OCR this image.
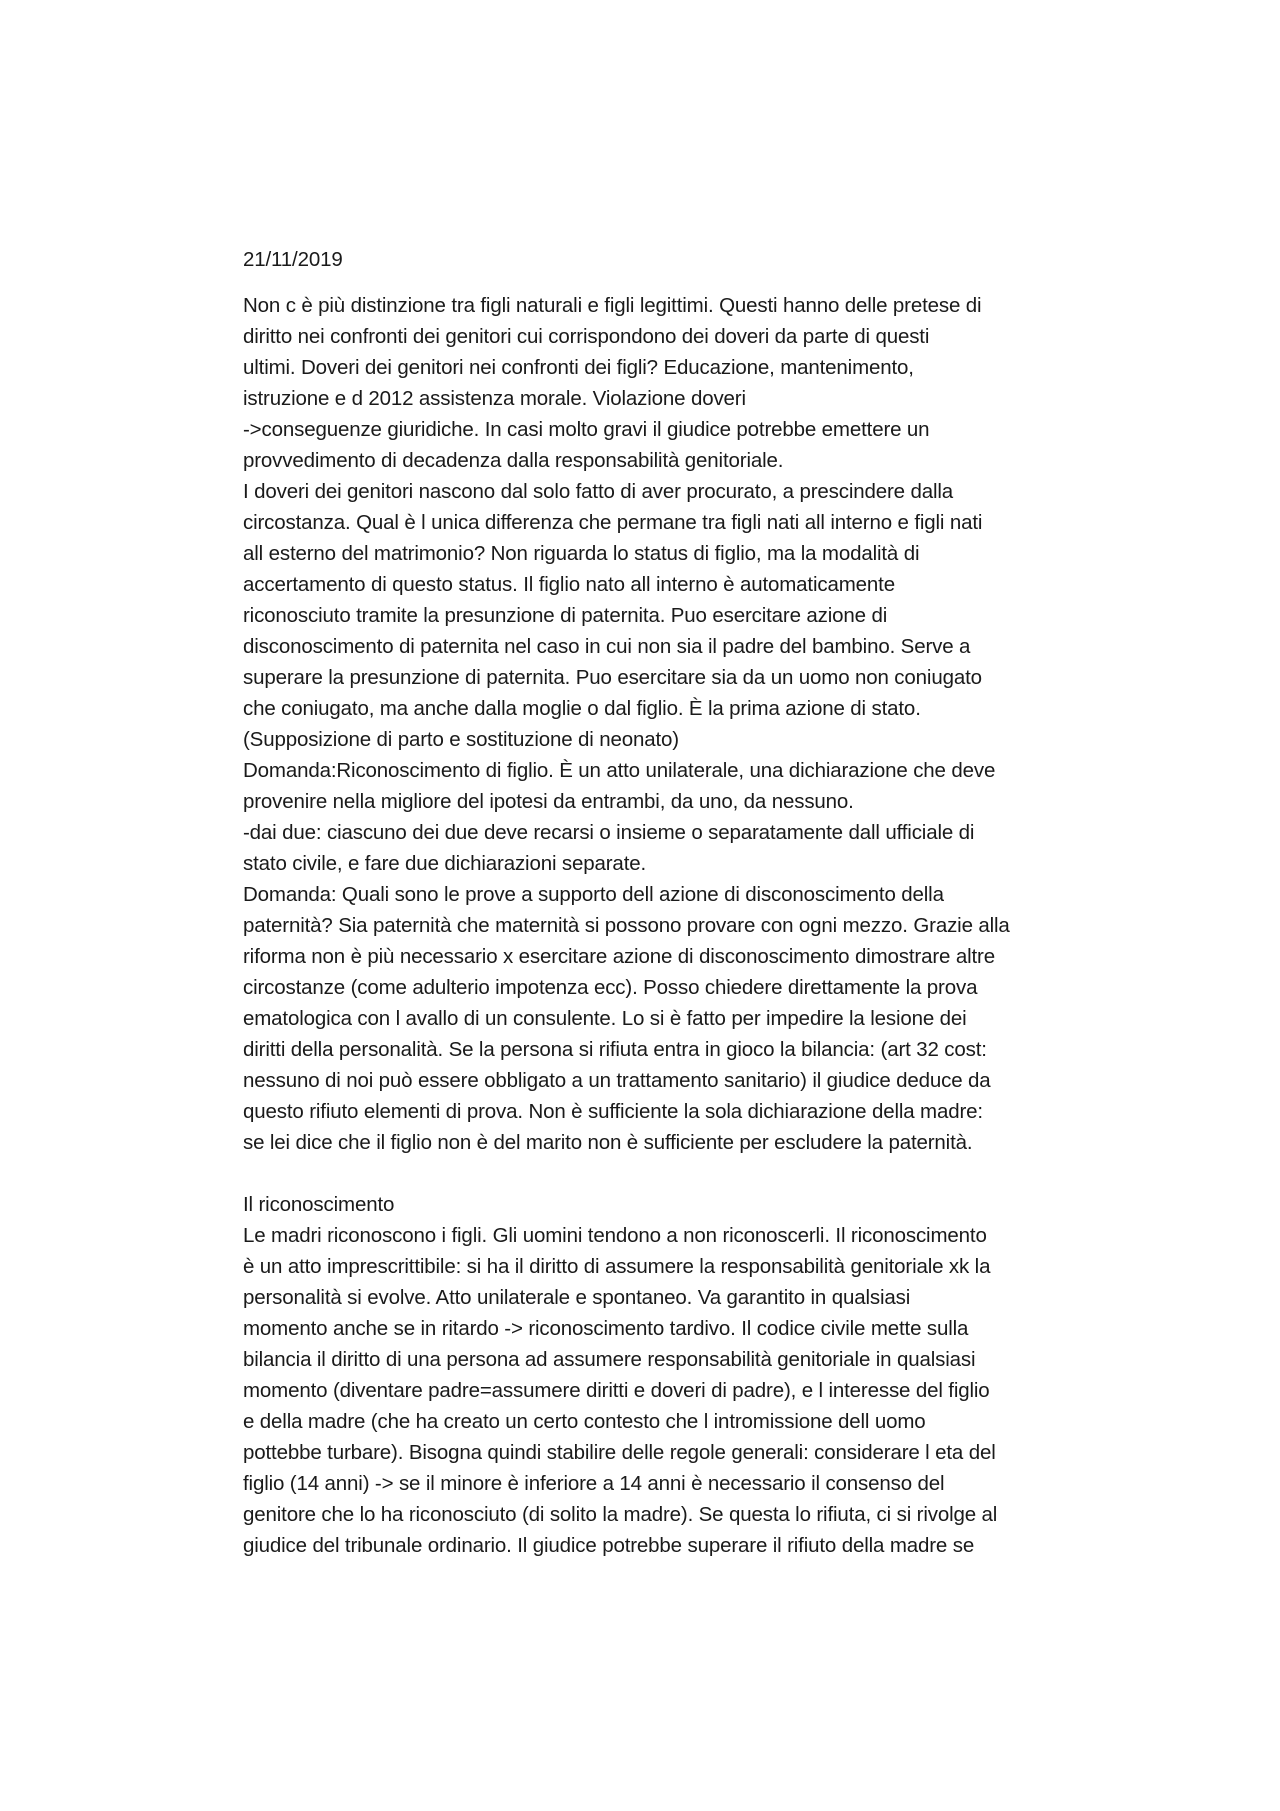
21/11/2019
Non c è più distinzione tra figli naturali e figli legittimi. Questi hanno delle pretese di
diritto nei confronti dei genitori cui corrispondono dei doveri da parte di questi
ultimi. Doveri dei genitori nei confronti dei figli? Educazione, mantenimento,
istruzione e d 2012 assistenza morale. Violazione doveri
->conseguenze giuridiche. In casi molto gravi il giudice potrebbe emettere un
provvedimento di decadenza dalla responsabilità genitoriale.
I doveri dei genitori nascono dal solo fatto di aver procurato, a prescindere dalla
circostanza. Qual è l unica differenza che permane tra figli nati all interno e figli nati
all esterno del matrimonio? Non riguarda lo status di figlio, ma la modalità di
accertamento di questo status. Il figlio nato all interno è automaticamente
riconosciuto tramite la presunzione di paternita. Puo esercitare azione di
disconoscimento di paternita nel caso in cui non sia il padre del bambino. Serve a
superare la presunzione di paternita. Puo esercitare sia da un uomo non coniugato
che coniugato, ma anche dalla moglie o dal figlio. È la prima azione di stato.
(Supposizione di parto e sostituzione di neonato)
Domanda:Riconoscimento di figlio. È un atto unilaterale, una dichiarazione che deve
provenire nella migliore del ipotesi da entrambi, da uno, da nessuno.
-dai due: ciascuno dei due deve recarsi o insieme o separatamente dall ufficiale di
stato civile, e fare due dichiarazioni separate.
Domanda: Quali sono le prove a supporto dell azione di disconoscimento della
paternità? Sia paternità che maternità si possono provare con ogni mezzo. Grazie alla
riforma non è più necessario x esercitare azione di disconoscimento dimostrare altre
circostanze (come adulterio impotenza ecc). Posso chiedere direttamente la prova
ematologica con l avallo di un consulente. Lo si è fatto per impedire la lesione dei
diritti della personalità. Se la persona si rifiuta entra in gioco la bilancia: (art 32 cost:
nessuno di noi può essere obbligato a un trattamento sanitario) il giudice deduce da
questo rifiuto elementi di prova. Non è sufficiente la sola dichiarazione della madre:
se lei dice che il figlio non è del marito non è sufficiente per escludere la paternità.
Il riconoscimento
Le madri riconoscono i figli. Gli uomini tendono a non riconoscerli. Il riconoscimento
è un atto imprescrittibile: si ha il diritto di assumere la responsabilità genitoriale xk la
personalità si evolve. Atto unilaterale e spontaneo. Va garantito in qualsiasi
momento anche se in ritardo -> riconoscimento tardivo. Il codice civile mette sulla
bilancia il diritto di una persona ad assumere responsabilità genitoriale in qualsiasi
momento (diventare padre=assumere diritti e doveri di padre), e l interesse del figlio
e della madre (che ha creato un certo contesto che l intromissione dell uomo
pottebbe turbare). Bisogna quindi stabilire delle regole generali: considerare l eta del
figlio (14 anni) -> se il minore è inferiore a 14 anni è necessario il consenso del
genitore che lo ha riconosciuto (di solito la madre). Se questa lo rifiuta, ci si rivolge al
giudice del tribunale ordinario. Il giudice potrebbe superare il rifiuto della madre se
